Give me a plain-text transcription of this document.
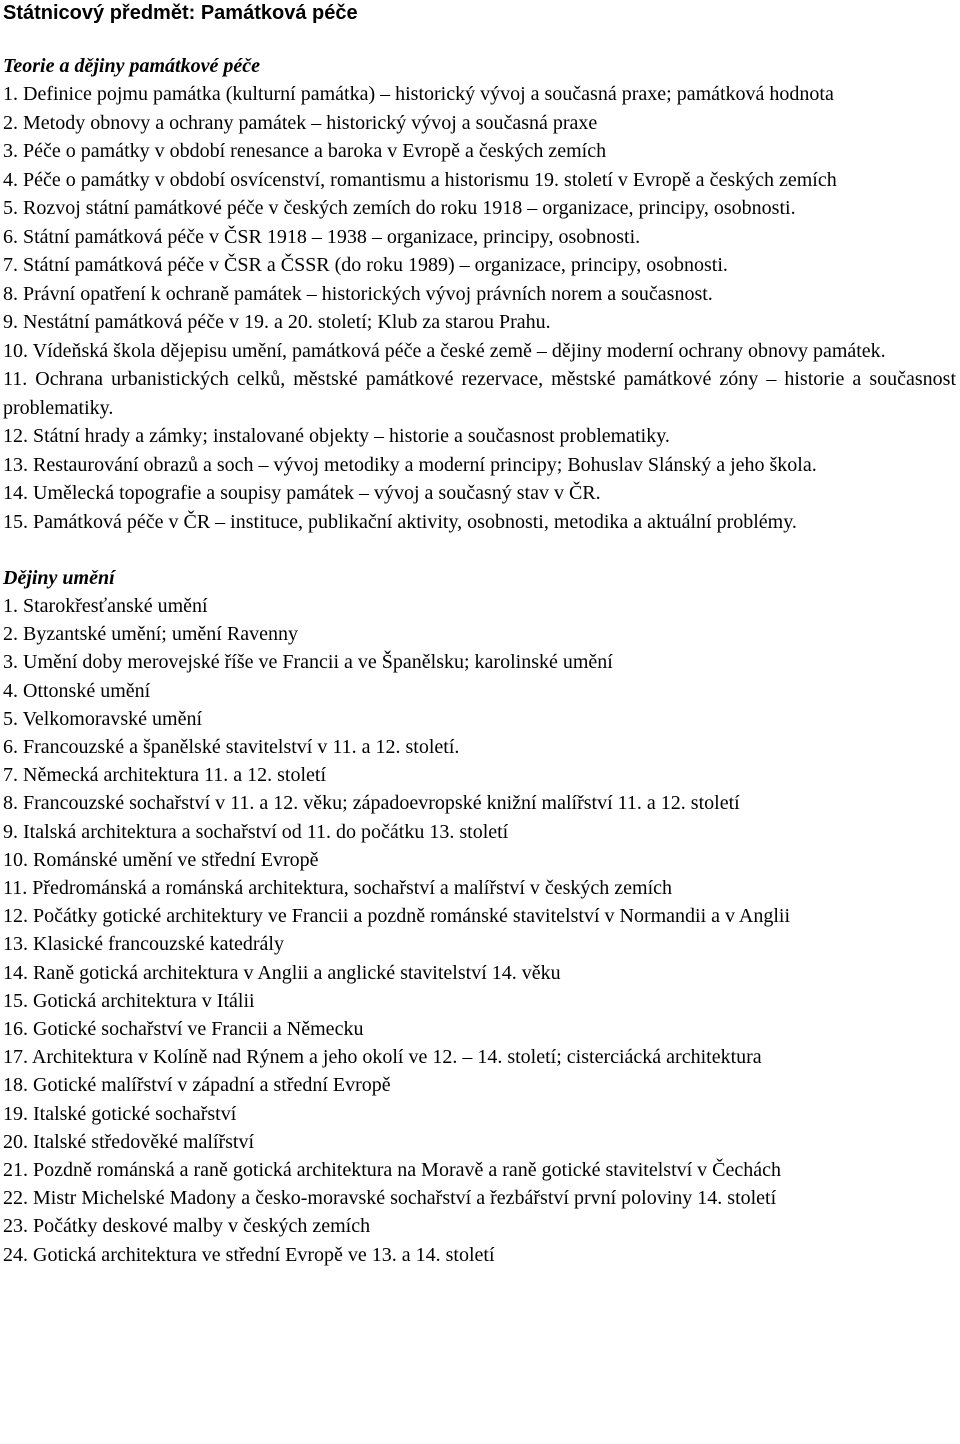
Státnicový předmět: Památková péče
Teorie a dějiny památkové péče
1. Definice pojmu památka (kulturní památka) – historický vývoj a současná praxe; památková hodnota
2. Metody obnovy a ochrany památek – historický vývoj a současná praxe
3. Péče o památky v období renesance a baroka v Evropě a českých zemích
4. Péče o památky v období osvícenství, romantismu a historismu 19. století v Evropě a českých zemích
5. Rozvoj státní památkové péče v českých zemích do roku 1918 – organizace, principy, osobnosti.
6. Státní památková péče v ČSR 1918 – 1938 – organizace, principy, osobnosti.
7. Státní památková péče v ČSR a ČSSR (do roku 1989) – organizace, principy, osobnosti.
8. Právní opatření k ochraně památek – historických vývoj právních norem a současnost.
9. Nestátní památková péče v 19. a 20. století; Klub za starou Prahu.
10. Vídeňská škola dějepisu umění, památková péče a české země – dějiny moderní ochrany obnovy památek.
11. Ochrana urbanistických celků, městské památkové rezervace, městské památkové zóny – historie a současnost problematiky.
12. Státní hrady a zámky; instalované objekty – historie a současnost problematiky.
13. Restaurování obrazů a soch – vývoj metodiky a moderní principy; Bohuslav Slánský a jeho škola.
14. Umělecká topografie a soupisy památek – vývoj a současný stav v ČR.
15. Památková péče v ČR – instituce, publikační aktivity, osobnosti, metodika a aktuální problémy.
Dějiny umění
1. Starokřesťanské umění
2. Byzantské umění; umění Ravenny
3. Umění doby merovejské říše ve Francii a ve Španělsku; karolinské umění
4. Ottonské umění
5. Velkomoravské umění
6. Francouzské a španělské stavitelství v 11. a 12. století.
7. Německá architektura 11. a 12. století
8. Francouzské sochařství v 11. a 12. věku; západoevropské knižní malířství 11. a 12. století
9. Italská architektura a sochařství od 11. do počátku 13. století
10. Románské umění ve střední Evropě
11. Předrománská a románská architektura, sochařství a malířství v českých zemích
12. Počátky gotické architektury ve Francii a pozdně románské stavitelství v Normandii a v Anglii
13. Klasické francouzské katedrály
14. Raně gotická architektura v Anglii a anglické stavitelství 14. věku
15. Gotická architektura v Itálii
16. Gotické sochařství ve Francii a Německu
17. Architektura v Kolíně nad Rýnem a jeho okolí ve 12. – 14. století; cisterciácká architektura
18. Gotické malířství v západní a střední Evropě
19. Italské gotické sochařství
20. Italské středověké malířství
21. Pozdně románská a raně gotická architektura na Moravě a raně gotické stavitelství v Čechách
22. Mistr Michelské Madony a česko-moravské sochařství a řezbářství první poloviny 14. století
23. Počátky deskové malby v českých zemích
24. Gotická architektura ve střední Evropě ve 13. a 14. století
